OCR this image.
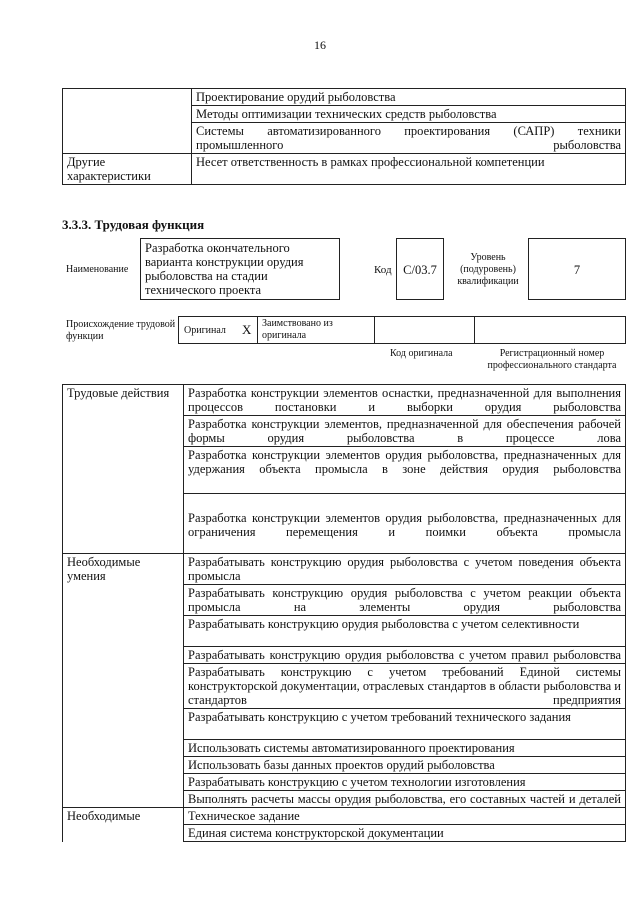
16
	Проектирование орудий рыболовства
	Методы оптимизации технических средств рыболовства
	Системы автоматизированного проектирования (САПР) техники промышленного рыболовства
Другие характеристики	Несет ответственность в рамках профессиональной компетенции
3.3.3. Трудовая функция
Наименование
Разработка окончательного варианта конструкции орудия рыболовства на стадии технического проекта
Код С/03.7
Уровень (подуровень) квалификации
7
Происхождение трудовой функции
Оригинал X Заимствовано из оригинала
Код оригинала	Регистрационный номер профессионального стандарта
Трудовые действия	Разработка конструкции элементов оснастки, предназначенной для выполнения процессов постановки и выборки орудия рыболовства
	Разработка конструкции элементов, предназначенной для обеспечения рабочей формы орудия рыболовства в процессе лова
	Разработка конструкции элементов орудия рыболовства, предназначенных для удержания объекта промысла в зоне действия орудия рыболовства
	Разработка конструкции элементов орудия рыболовства, предназначенных для ограничения перемещения и поимки объекта промысла
Необходимые умения	Разрабатывать конструкцию орудия рыболовства с учетом поведения объекта промысла
	Разрабатывать конструкцию орудия рыболовства с учетом реакции объекта промысла на элементы орудия рыболовства
	Разрабатывать конструкцию орудия рыболовства с учетом селективности
	Разрабатывать конструкцию орудия рыболовства с учетом правил рыболовства
	Разрабатывать конструкцию с учетом требований Единой системы конструкторской документации, отраслевых стандартов в области рыболовства и стандартов предприятия
	Разрабатывать конструкцию с учетом требований технического задания
	Использовать системы автоматизированного проектирования
	Использовать базы данных проектов орудий рыболовства
	Разрабатывать конструкцию с учетом технологии изготовления
	Выполнять расчеты массы орудия рыболовства, его составных частей и деталей
Необходимые	Техническое задание
	Единая система конструкторской документации
